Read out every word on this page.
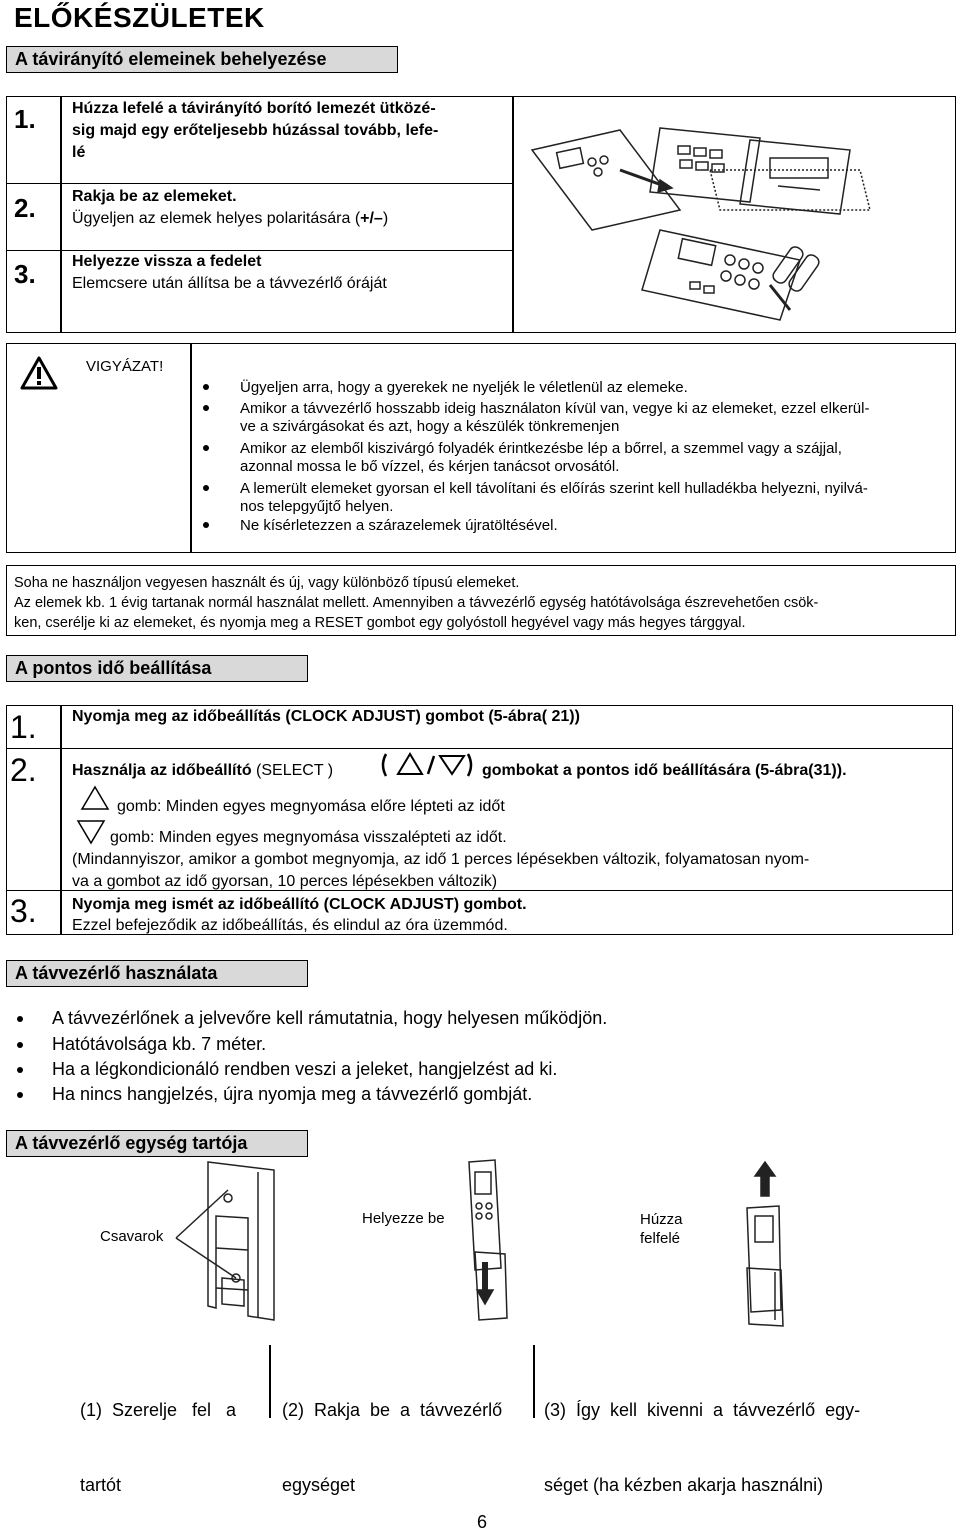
ELŐKÉSZÜLETEK
A távirányító elemeinek behelyezése
1. Húzza lefelé a távirányító borító lemezét ütközé-
sig majd egy erőteljesebb húzással tovább, lefe-
lé
2. Rakja be az elemeket.
Ügyeljen az elemek helyes polaritására (+/–)
3. Helyezze vissza a fedelet
Elemcsere után állítsa be a távvezérlő óráját
VIGYÁZAT!
Ügyeljen arra, hogy a gyerekek ne nyeljék le véletlenül az elemeke.
Amikor a távvezérlő hosszabb ideig használaton kívül van, vegye ki az elemeket, ezzel elkerül-
ve a szivárgásokat és azt, hogy a készülék tönkremenjen
Amikor az elemből kiszivárgó folyadék érintkezésbe lép a bőrrel, a szemmel vagy a szájjal,
azonnal mossa le bő vízzel, és kérjen tanácsot orvosától.
A lemerült elemeket gyorsan el kell távolítani és előírás szerint kell hulladékba helyezni, nyilvá-
nos telepgyűjtő helyen.
Ne kísérletezzen a szárazelemek újratöltésével.
Soha ne használjon vegyesen használt és új, vagy különböző típusú elemeket.
Az elemek kb. 1 évig tartanak normál használat mellett. Amennyiben a távvezérlő egység hatótávolsága észrevehetően csök-
ken, cserélje ki az elemeket, és nyomja meg a RESET gombot egy golyóstoll hegyével vagy más hegyes tárggyal.
A pontos idő beállítása
1. Nyomja meg az időbeállítás (CLOCK ADJUST) gombot (5-ábra( 21))
2. Használja az időbeállító (SELECT )	gombokat a pontos idő beállítására (5-ábra(31)).
gomb: Minden egyes megnyomása előre lépteti az időt
gomb: Minden egyes megnyomása visszalépteti az időt.
(Mindannyiszor, amikor a gombot megnyomja, az idő 1 perces lépésekben változik, folyamatosan nyom-
va a gombot az idő gyorsan, 10 perces lépésekben változik)
3. Nyomja meg ismét az időbeállító (CLOCK ADJUST) gombot.
Ezzel befejeződik az időbeállítás, és elindul az óra üzemmód.
A távvezérlő használata
A távvezérlőnek a jelvevőre kell rámutatnia, hogy helyesen működjön.
Hatótávolsága kb. 7 méter.
Ha a légkondicionáló rendben veszi a jeleket, hangjelzést ad ki.
Ha nincs hangjelzés, újra nyomja meg a távvezérlő gombját.
A távvezérlő egység tartója
Csavarok
Helyezze be	Húzza
felfelé

(1)  Szerelje   fel   a

tartót

(2)  Rakja  be  a  távvezérlő

egységet

(3)  Így  kell  kivenni  a  távvezérlő  egy-

séget (ha kézben akarja használni)

6
